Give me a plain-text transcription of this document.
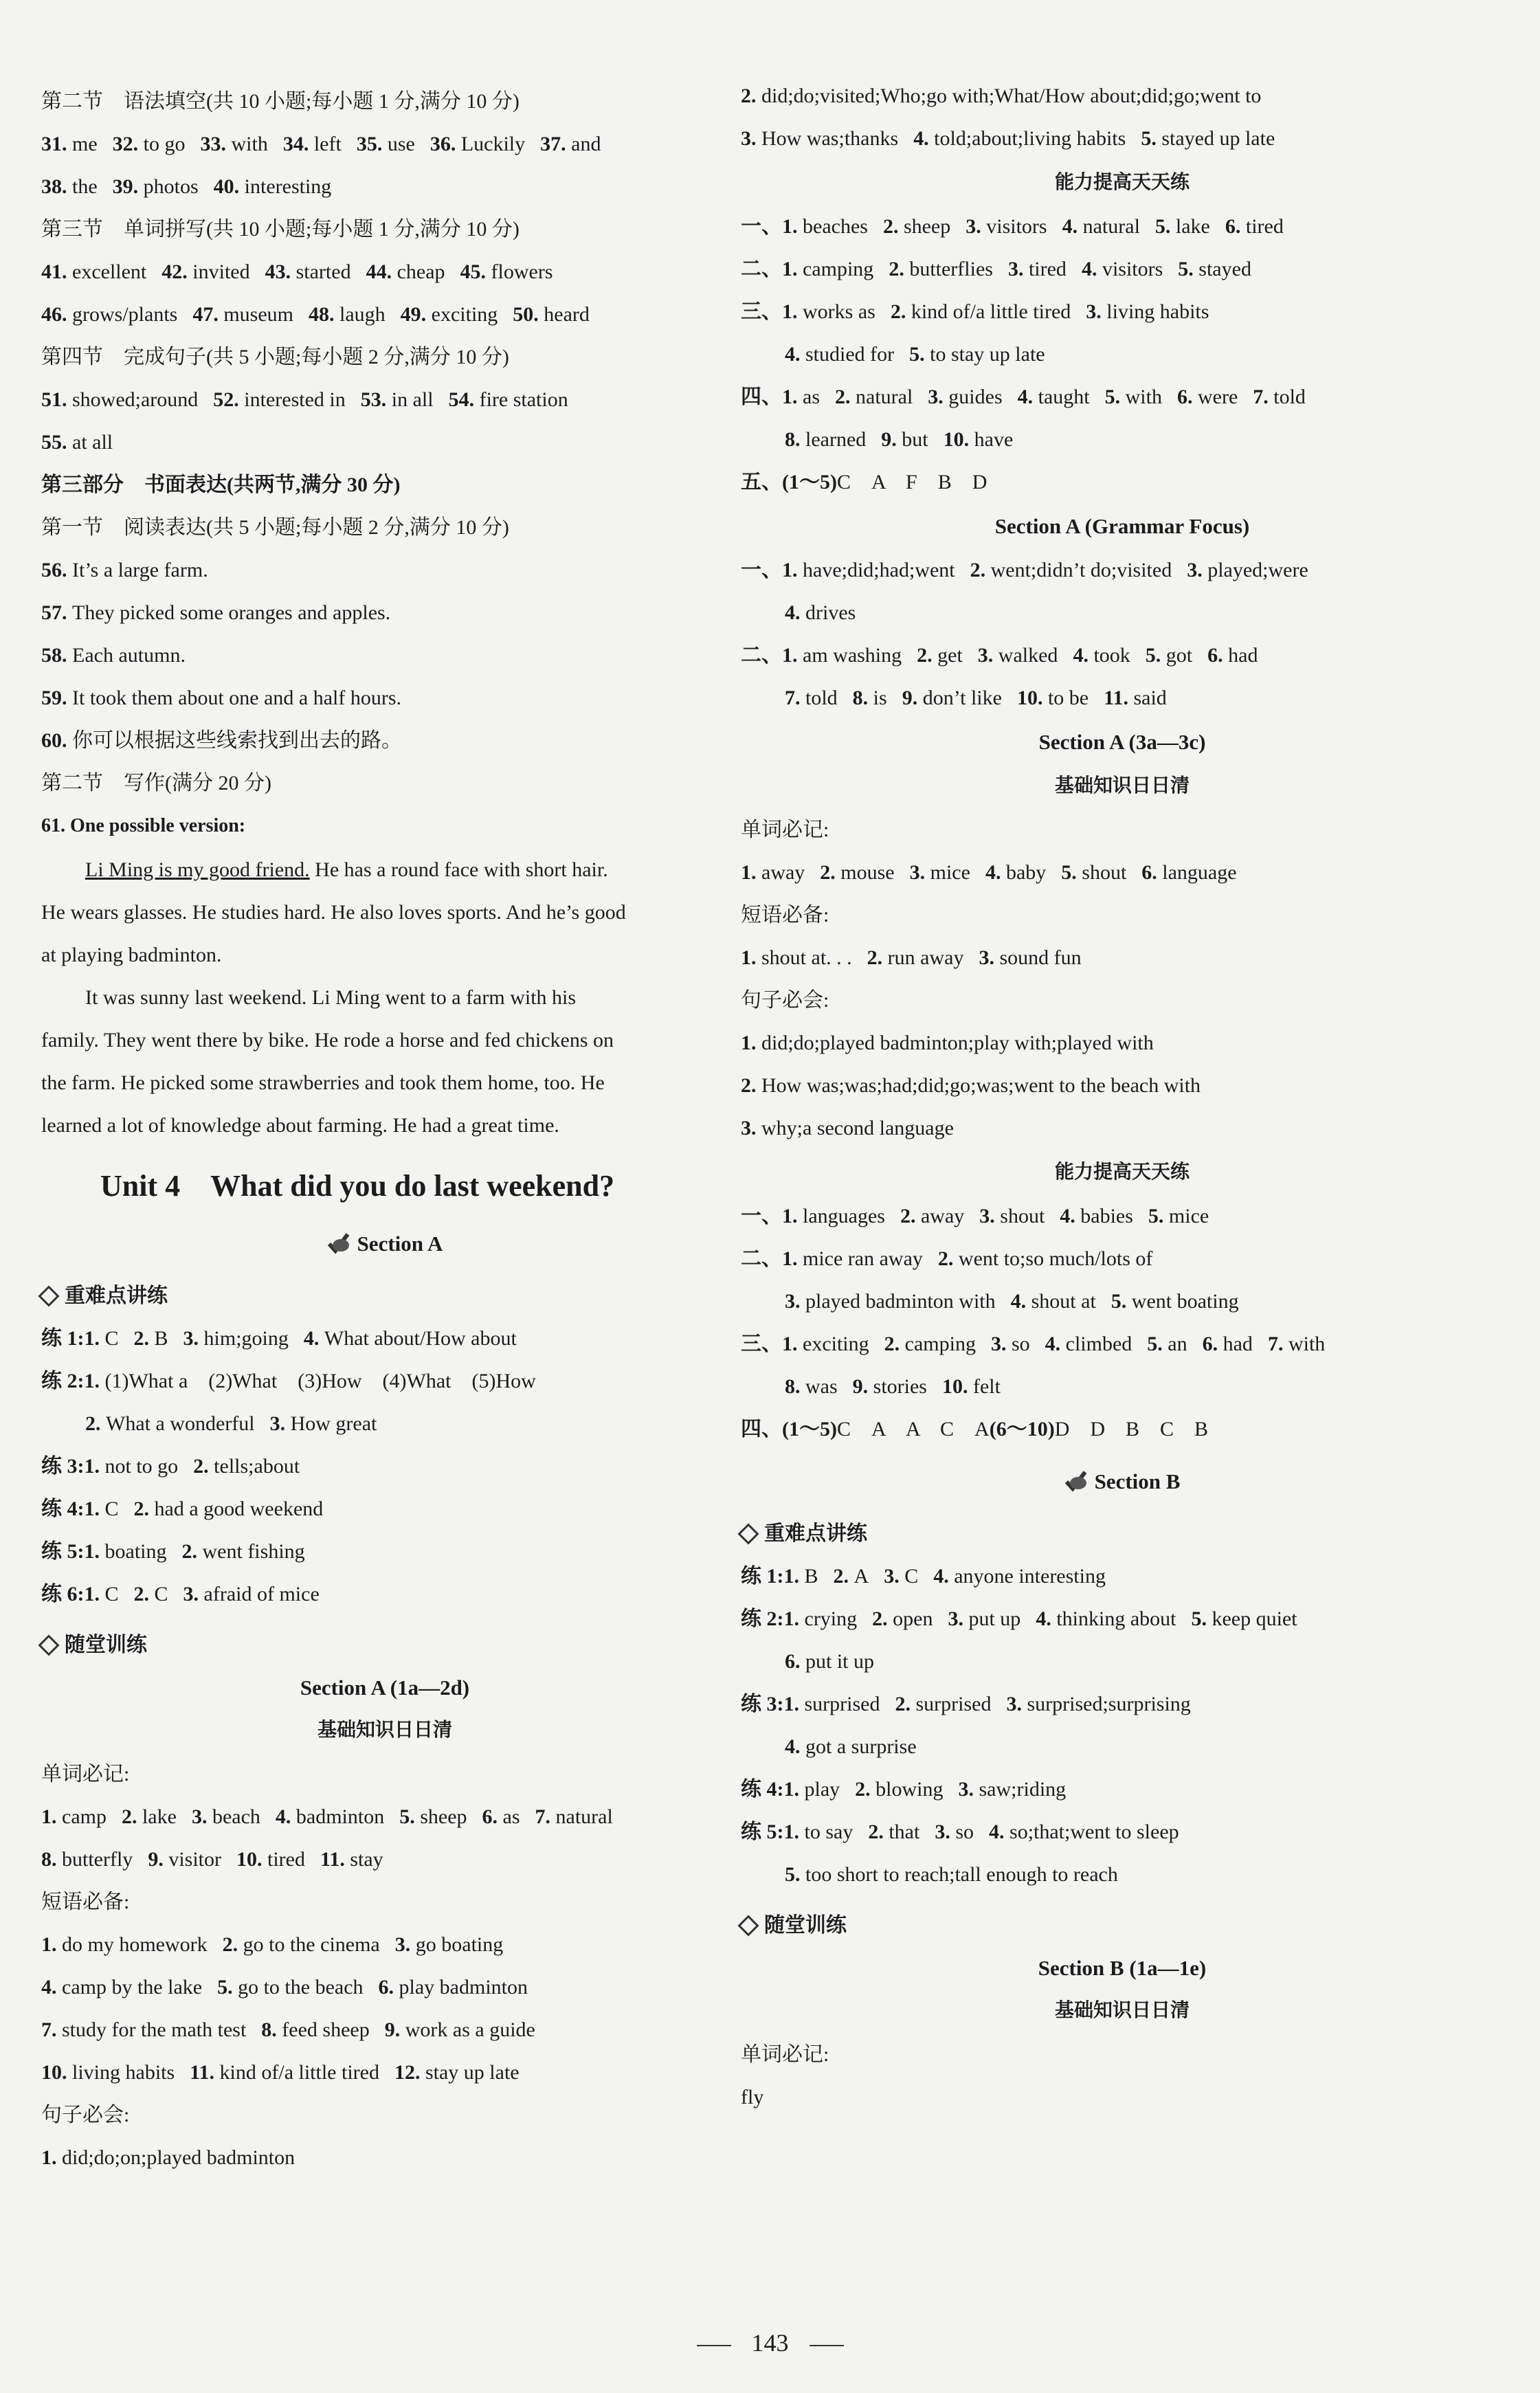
第二节　语法填空(共 10 小题;每小题 1 分,满分 10 分)
31. me 32. to go 33. with 34. left 35. use 36. Luckily 37. and
38. the 39. photos 40. interesting
第三节　单词拼写(共 10 小题;每小题 1 分,满分 10 分)
41. excellent 42. invited 43. started 44. cheap 45. flowers
46. grows/plants 47. museum 48. laugh 49. exciting 50. heard
第四节　完成句子(共 5 小题;每小题 2 分,满分 10 分)
51. showed;around 52. interested in 53. in all 54. fire station
55. at all
第三部分　书面表达(共两节,满分 30 分)
第一节　阅读表达(共 5 小题;每小题 2 分,满分 10 分)
56. It’s a large farm.
57. They picked some oranges and apples.
58. Each autumn.
59. It took them about one and a half hours.
60. 你可以根据这些线索找到出去的路。
第二节　写作(满分 20 分)
61. One possible version:
Li Ming is my good friend. He has a round face with short hair.
He wears glasses. He studies hard. He also loves sports. And he’s good
at playing badminton.
It was sunny last weekend. Li Ming went to a farm with his
family. They went there by bike. He rode a horse and fed chickens on
the farm. He picked some strawberries and took them home, too. He
learned a lot of knowledge about farming. He had a great time.
Unit 4　What did you do last weekend?
Section A
重难点讲练
练 1:1. C 2. B 3. him;going 4. What about/How about
练 2:1. (1)What a　(2)What　(3)How　(4)What　(5)How
2. What a wonderful 3. How great
练 3:1. not to go 2. tells;about
练 4:1. C 2. had a good weekend
练 5:1. boating 2. went fishing
练 6:1. C 2. C 3. afraid of mice
随堂训练
Section A (1a—2d)
基础知识日日清
单词必记:
1. camp 2. lake 3. beach 4. badminton 5. sheep 6. as 7. natural
8. butterfly 9. visitor 10. tired 11. stay
短语必备:
1. do my homework 2. go to the cinema 3. go boating
4. camp by the lake 5. go to the beach 6. play badminton
7. study for the math test 8. feed sheep 9. work as a guide
10. living habits 11. kind of/a little tired 12. stay up late
句子必会:
1. did;do;on;played badminton
2. did;do;visited;Who;go with;What/How about;did;go;went to
3. How was;thanks 4. told;about;living habits 5. stayed up late
能力提高天天练
一、1. beaches 2. sheep 3. visitors 4. natural 5. lake 6. tired
二、1. camping 2. butterflies 3. tired 4. visitors 5. stayed
三、1. works as 2. kind of/a little tired 3. living habits
4. studied for 5. to stay up late
四、1. as 2. natural 3. guides 4. taught 5. with 6. were 7. told
8. learned 9. but 10. have
五、(1～5)C　A　F　B　D
Section A (Grammar Focus)
一、1. have;did;had;went 2. went;didn’t do;visited 3. played;were
4. drives
二、1. am washing 2. get 3. walked 4. took 5. got 6. had
7. told 8. is 9. don’t like 10. to be 11. said
Section A (3a—3c)
基础知识日日清
单词必记:
1. away 2. mouse 3. mice 4. baby 5. shout 6. language
短语必备:
1. shout at. . . 2. run away 3. sound fun
句子必会:
1. did;do;played badminton;play with;played with
2. How was;was;had;did;go;was;went to the beach with
3. why;a second language
能力提高天天练
一、1. languages 2. away 3. shout 4. babies 5. mice
二、1. mice ran away 2. went to;so much/lots of
3. played badminton with 4. shout at 5. went boating
三、1. exciting 2. camping 3. so 4. climbed 5. an 6. had 7. with
8. was 9. stories 10. felt
四、(1～5)C　A　A　C　A(6～10)D　D　B　C　B
Section B
重难点讲练
练 1:1. B 2. A 3. C 4. anyone interesting
练 2:1. crying 2. open 3. put up 4. thinking about 5. keep quiet
6. put it up
练 3:1. surprised 2. surprised 3. surprised;surprising
4. got a surprise
练 4:1. play 2. blowing 3. saw;riding
练 5:1. to say 2. that 3. so 4. so;that;went to sleep
5. too short to reach;tall enough to reach
随堂训练
Section B (1a—1e)
基础知识日日清
单词必记:
fly
143
